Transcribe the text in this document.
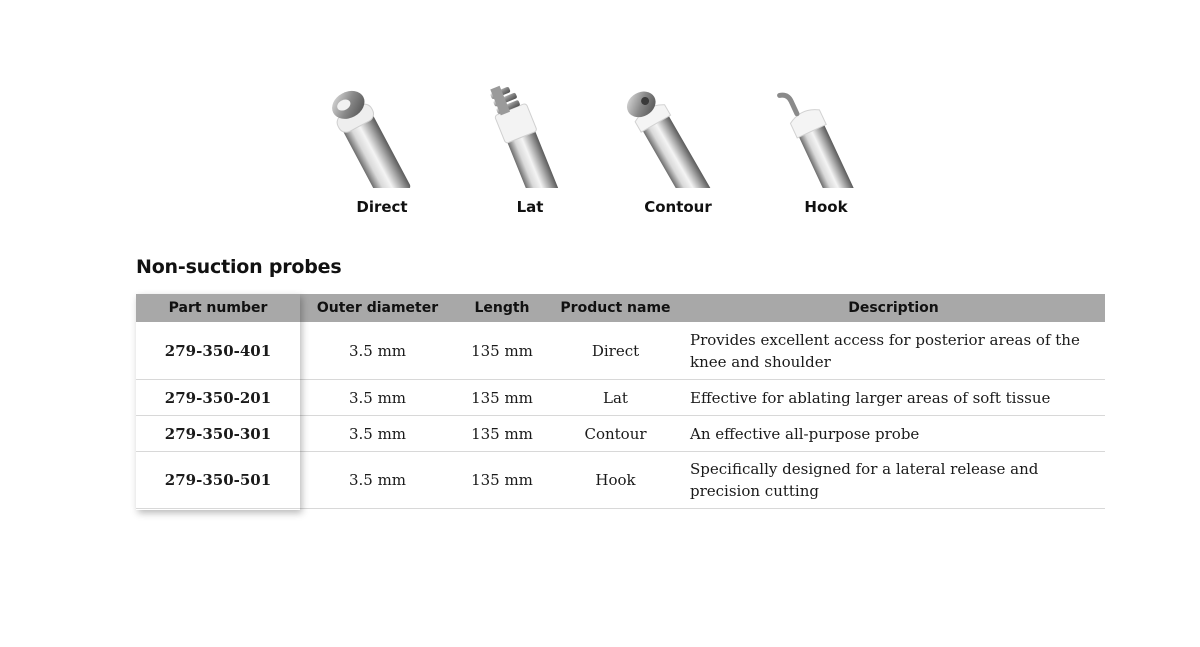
Direct	Lat	Contour	Hook
Non-suction probes
Part number	Outer diameter	Length	Product name	Description
279-350-401	3.5 mm	135 mm	Direct	Provides excellent access for posterior areas of the knee and shoulder
279-350-201	3.5 mm	135 mm	Lat	Effective for ablating larger areas of soft tissue
279-350-301	3.5 mm	135 mm	Contour	An effective all-purpose probe
279-350-501	3.5 mm	135 mm	Hook	Specifically designed for a lateral release and precision cutting
